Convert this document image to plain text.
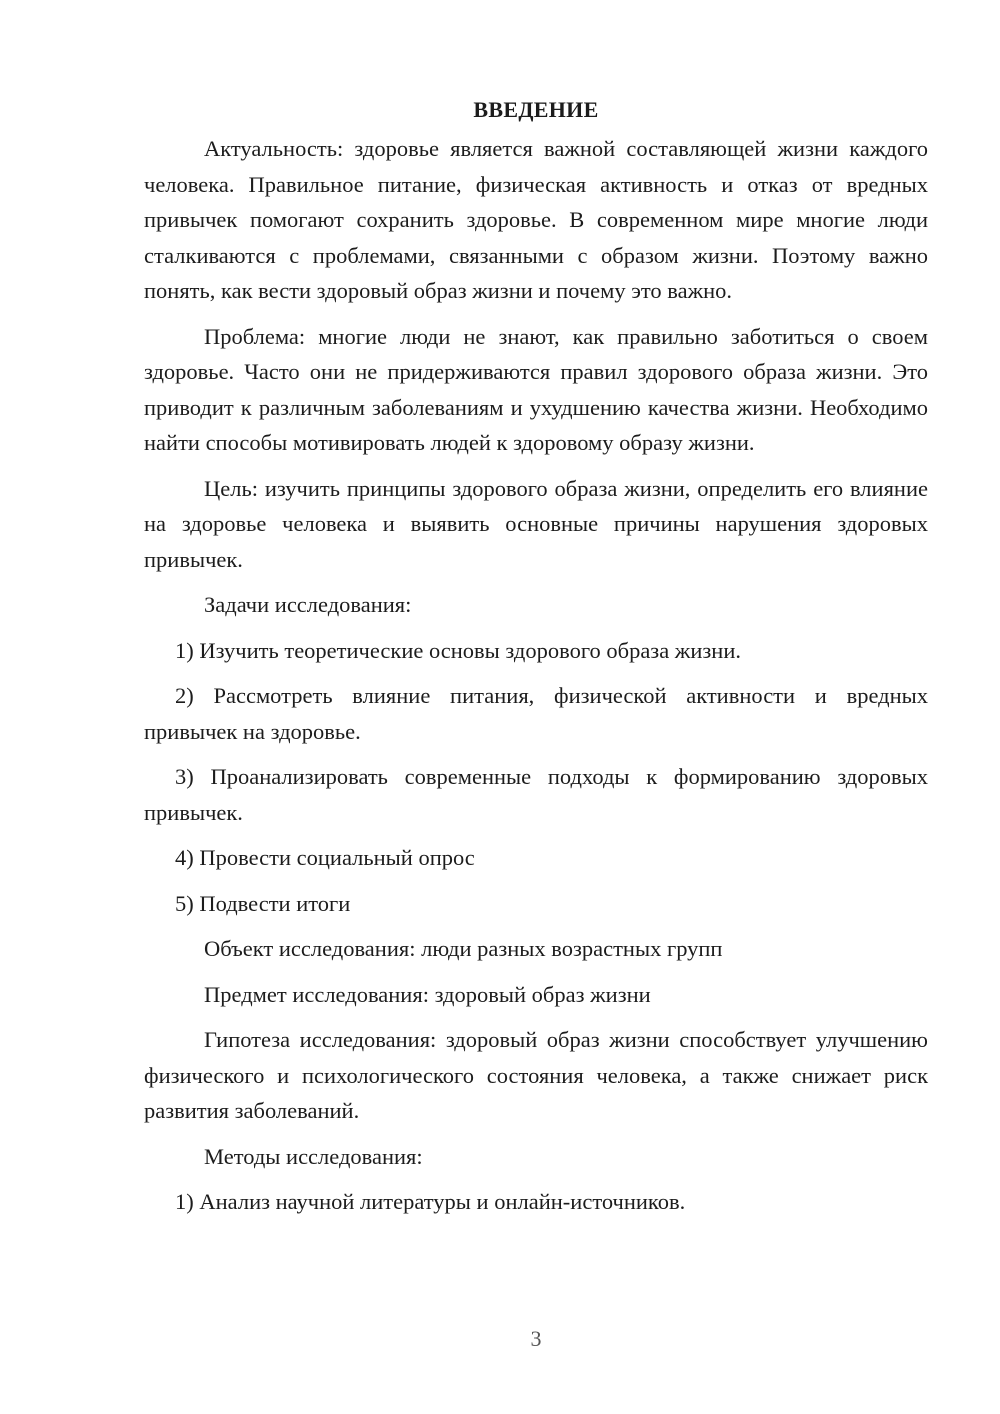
ВВЕДЕНИЕ

Актуальность: здоровье является важной составляющей жизни каждого человека. Правильное питание, физическая активность и отказ от вредных привычек помогают сохранить здоровье. В современном мире многие люди сталкиваются с проблемами, связанными с образом жизни. Поэтому важно понять, как вести здоровый образ жизни и почему это важно.

Проблема: многие люди не знают, как правильно заботиться о своем здоровье. Часто они не придерживаются правил здорового образа жизни. Это приводит к различным заболеваниям и ухудшению качества жизни. Необходимо найти способы мотивировать людей к здоровому образу жизни.

Цель: изучить принципы здорового образа жизни, определить его влияние на здоровье человека и выявить основные причины нарушения здоровых привычек.

Задачи исследования:

1) Изучить теоретические основы здорового образа жизни.

2) Рассмотреть влияние питания, физической активности и вредных привычек на здоровье.

3) Проанализировать современные подходы к формированию здоровых привычек.

4) Провести социальный опрос

5) Подвести итоги

Объект исследования: люди разных возрастных групп

Предмет исследования: здоровый образ жизни

Гипотеза исследования: здоровый образ жизни способствует улучшению физического и психологического состояния человека, а также снижает риск развития заболеваний.

Методы исследования:

1) Анализ научной литературы и онлайн-источников.

3
